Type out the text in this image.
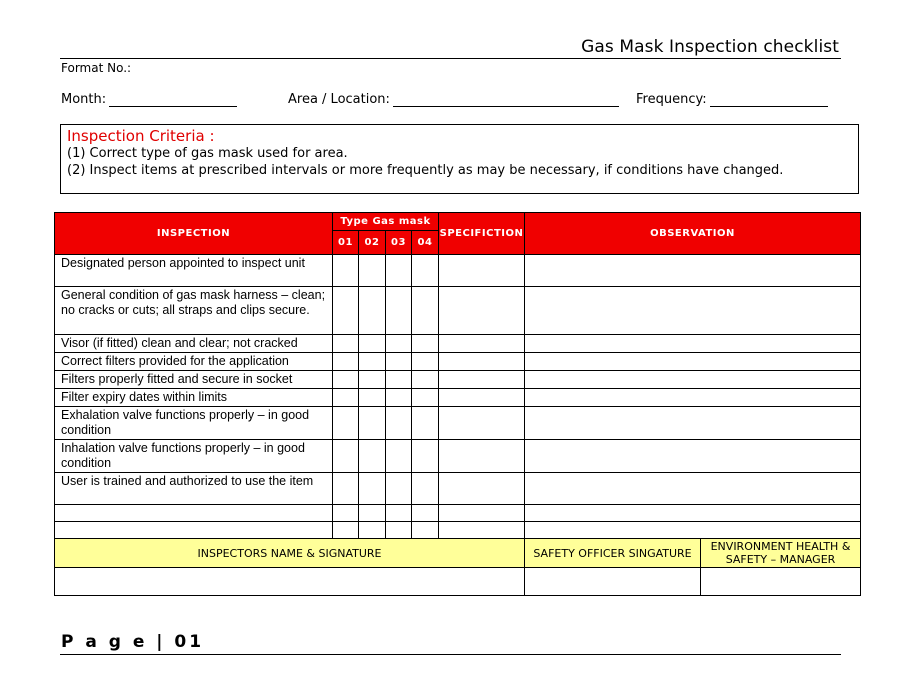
Gas Mask Inspection checklist
Format No.:
Month:	Area / Location:	Frequency:
Inspection Criteria :
(1) Correct type of gas mask used for area.
(2) Inspect items at prescribed intervals or more frequently as may be necessary, if conditions have changed.
INSPECTION	Type Gas mask				SPECIFICTION	OBSERVATION	
	01	02	03	04			
Designated person appointed to inspect unit							
General condition of gas mask harness – clean; no cracks or cuts; all straps and clips secure.							
Visor (if fitted) clean and clear; not cracked							
Correct filters provided for the application							
Filters properly fitted and secure in socket							
Filter expiry dates within limits							
Exhalation valve functions properly – in good condition							
Inhalation valve functions properly – in good condition							
User is trained and authorized to use the item							

INSPECTORS NAME & SIGNATURE						SAFETY OFFICER SINGATURE	ENVIRONMENT HEALTH & SAFETY – MANAGER

P a g e | 01
